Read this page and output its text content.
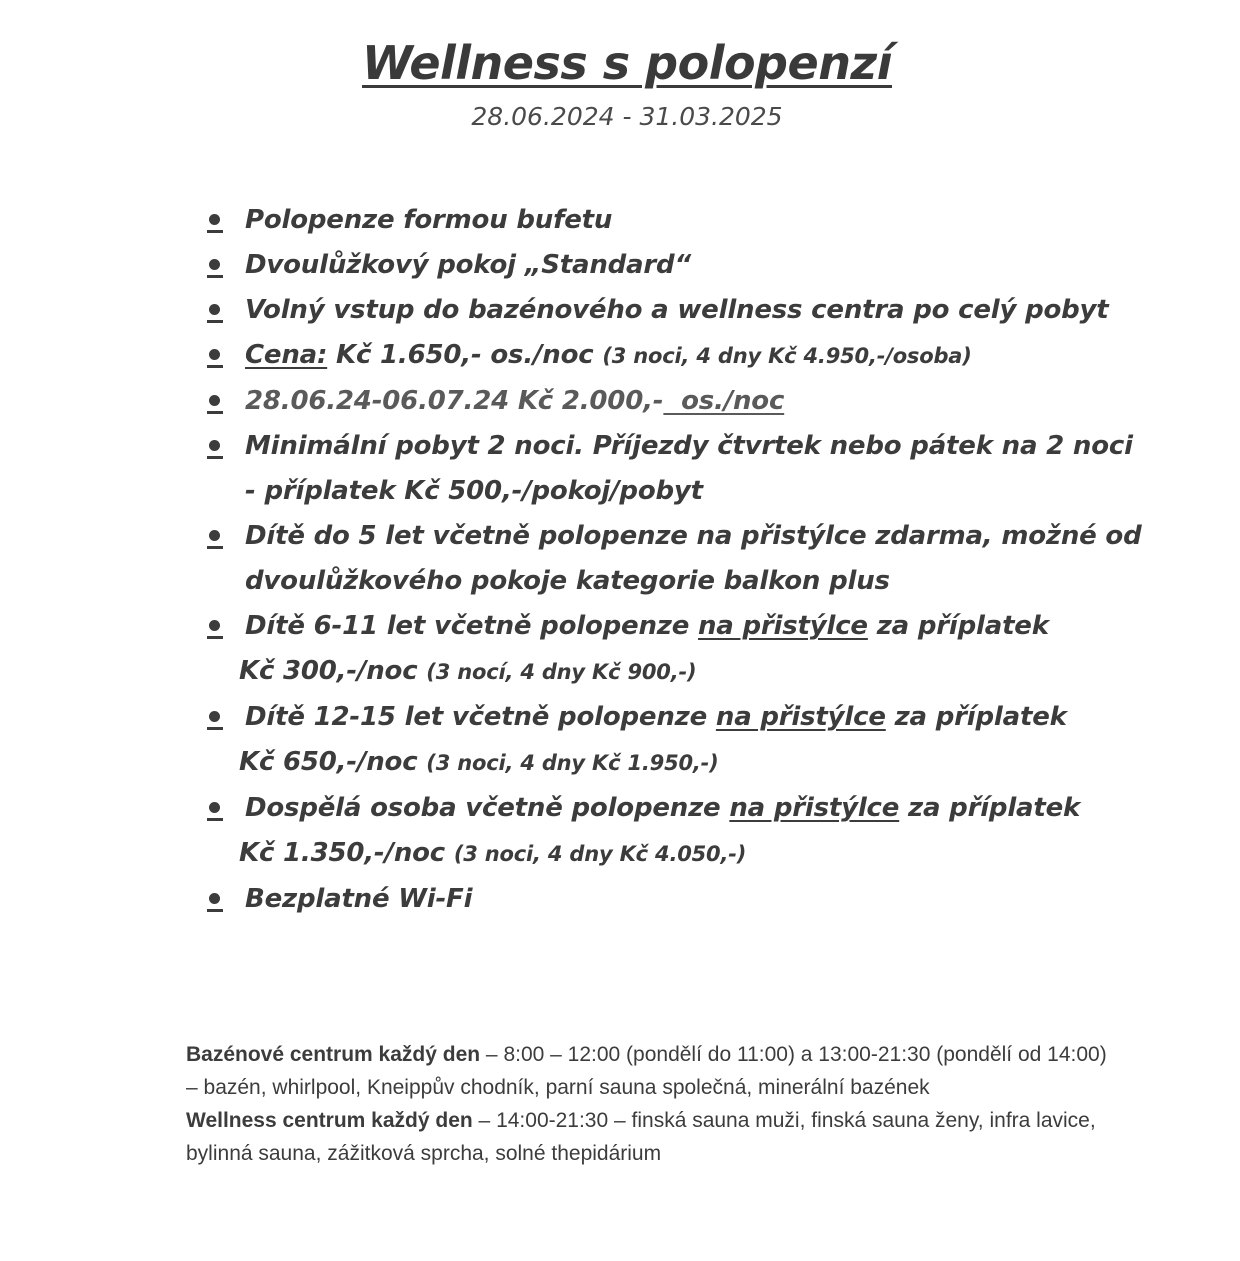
Wellness s polopenzí
28.06.2024 - 31.03.2025
Polopenze formou bufetu
Dvoulůžkový pokoj „Standard“
Volný vstup do bazénového a wellness centra po celý pobyt
Cena: Kč 1.650,- os./noc (3 noci, 4 dny Kč 4.950,-/osoba)
28.06.24-06.07.24 Kč 2.000,-  os./noc
Minimální pobyt 2 noci. Příjezdy čtvrtek nebo pátek na 2 noci
- příplatek Kč 500,-/pokoj/pobyt
Dítě do 5 let včetně polopenze na přistýlce zdarma, možné od
dvoulůžkového pokoje kategorie balkon plus
Dítě 6-11 let včetně polopenze na přistýlce za příplatek
Kč 300,-/noc (3 nocí, 4 dny Kč 900,-)
Dítě 12-15 let včetně polopenze na přistýlce za příplatek
Kč 650,-/noc (3 noci, 4 dny Kč 1.950,-)
Dospělá osoba včetně polopenze na přistýlce za příplatek
Kč 1.350,-/noc (3 noci, 4 dny Kč 4.050,-)
Bezplatné Wi-Fi

Bazénové centrum každý den – 8:00 – 12:00 (pondělí do 11:00) a 13:00-21:30 (pondělí od 14:00) – bazén, whirlpool, Kneippův chodník, parní sauna společná, minerální bazének

Wellness centrum každý den – 14:00-21:30 – finská sauna muži, finská sauna ženy, infra lavice, bylinná sauna, zážitková sprcha, solné thepidárium
